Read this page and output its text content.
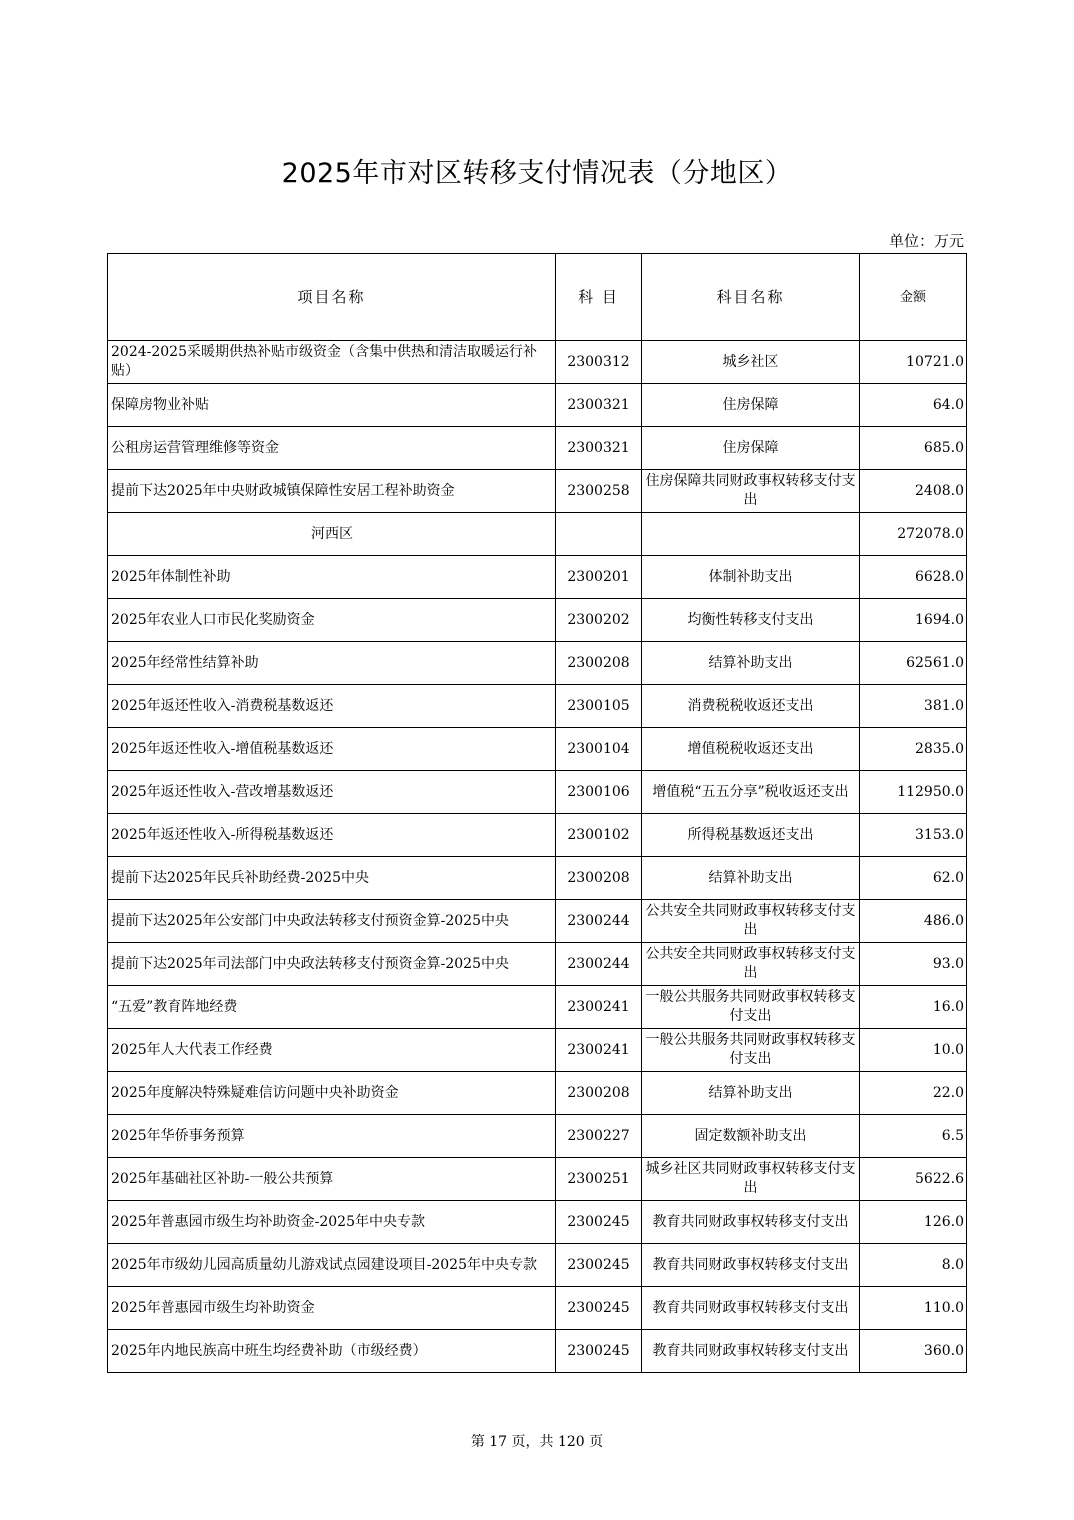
2025年市对区转移支付情况表（分地区）
单位：万元
项目名称	科 目	科目名称	金额
2024-2025采暖期供热补贴市级资金（含集中供热和清洁取暖运行补贴）	2300312	城乡社区	10721.0
保障房物业补贴	2300321	住房保障	64.0
公租房运营管理维修等资金	2300321	住房保障	685.0
提前下达2025年中央财政城镇保障性安居工程补助资金	2300258	住房保障共同财政事权转移支付支出	2408.0
河西区			272078.0
2025年体制性补助	2300201	体制补助支出	6628.0
2025年农业人口市民化奖励资金	2300202	均衡性转移支付支出	1694.0
2025年经常性结算补助	2300208	结算补助支出	62561.0
2025年返还性收入-消费税基数返还	2300105	消费税税收返还支出	381.0
2025年返还性收入-增值税基数返还	2300104	增值税税收返还支出	2835.0
2025年返还性收入-营改增基数返还	2300106	增值税“五五分享”税收返还支出	112950.0
2025年返还性收入-所得税基数返还	2300102	所得税基数返还支出	3153.0
提前下达2025年民兵补助经费-2025中央	2300208	结算补助支出	62.0
提前下达2025年公安部门中央政法转移支付预资金算-2025中央	2300244	公共安全共同财政事权转移支付支出	486.0
提前下达2025年司法部门中央政法转移支付预资金算-2025中央	2300244	公共安全共同财政事权转移支付支出	93.0
“五爱”教育阵地经费	2300241	一般公共服务共同财政事权转移支付支出	16.0
2025年人大代表工作经费	2300241	一般公共服务共同财政事权转移支付支出	10.0
2025年度解决特殊疑难信访问题中央补助资金	2300208	结算补助支出	22.0
2025年华侨事务预算	2300227	固定数额补助支出	6.5
2025年基础社区补助-一般公共预算	2300251	城乡社区共同财政事权转移支付支出	5622.6
2025年普惠园市级生均补助资金-2025年中央专款	2300245	教育共同财政事权转移支付支出	126.0
2025年市级幼儿园高质量幼儿游戏试点园建设项目-2025年中央专款	2300245	教育共同财政事权转移支付支出	8.0
2025年普惠园市级生均补助资金	2300245	教育共同财政事权转移支付支出	110.0
2025年内地民族高中班生均经费补助（市级经费）	2300245	教育共同财政事权转移支付支出	360.0
第 17 页，共 120 页
